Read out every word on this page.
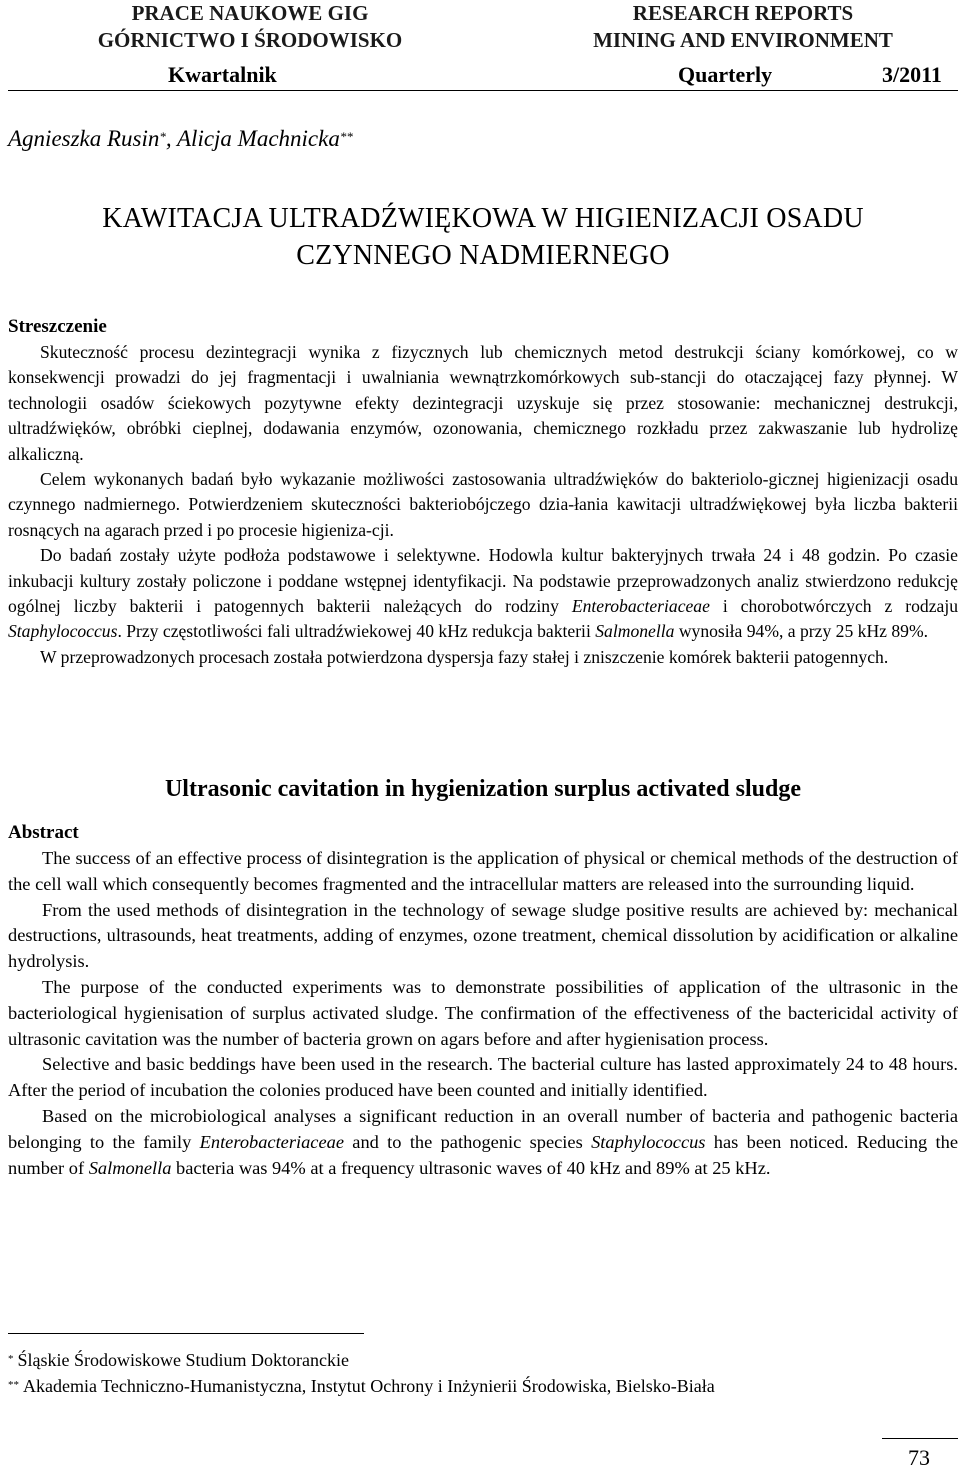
PRACE NAUKOWE GIG
GÓRNICTWO I ŚRODOWISKO
RESEARCH REPORTS
MINING AND ENVIRONMENT
Kwartalnik	Quarterly	3/2011
Agnieszka Rusin*, Alicja Machnicka**
KAWITACJA ULTRADŹWIĘKOWA W HIGIENIZACJI OSADU
CZYNNEGO NADMIERNEGO
Streszczenie

Skuteczność procesu dezintegracji wynika z fizycznych lub chemicznych metod destrukcji ściany komórkowej, co w konsekwencji prowadzi do jej fragmentacji i uwalniania wewnątrzkomórkowych sub-stancji do otaczającej fazy płynnej. W technologii osadów ściekowych pozytywne efekty dezintegracji uzyskuje się przez stosowanie: mechanicznej destrukcji, ultradźwięków, obróbki cieplnej, dodawania enzymów, ozonowania, chemicznego rozkładu przez zakwaszanie lub hydrolizę alkaliczną.

Celem wykonanych badań było wykazanie możliwości zastosowania ultradźwięków do bakteriolo-gicznej higienizacji osadu czynnego nadmiernego. Potwierdzeniem skuteczności bakteriobójczego dzia-łania kawitacji ultradźwiękowej była liczba bakterii rosnących na agarach przed i po procesie higieniza-cji.

Do badań zostały użyte podłoża podstawowe i selektywne. Hodowla kultur bakteryjnych trwała 24 i 48 godzin. Po czasie inkubacji kultury zostały policzone i poddane wstępnej identyfikacji. Na podstawie przeprowadzonych analiz stwierdzono redukcję ogólnej liczby bakterii i patogennych bakterii należących do rodziny Enterobacteriaceae i chorobotwórczych z rodzaju Staphylococcus. Przy częstotliwości fali ultradźwiekowej 40 kHz redukcja bakterii Salmonella wynosiła 94%, a przy 25 kHz 89%.

W przeprowadzonych procesach została potwierdzona dyspersja fazy stałej i zniszczenie komórek bakterii patogennych.

Ultrasonic cavitation in hygienization surplus activated sludge
Abstract

The success of an effective process of disintegration is the application of physical or chemical methods of the destruction of the cell wall which consequently becomes fragmented and the intracellular matters are released into the surrounding liquid.

From the used methods of disintegration in the technology of sewage sludge positive results are achieved by: mechanical destructions, ultrasounds, heat treatments, adding of enzymes, ozone treatment, chemical dissolution by acidification or alkaline hydrolysis.

The purpose of the conducted experiments was to demonstrate possibilities of application of the ultrasonic in the bacteriological hygienisation of surplus activated sludge. The confirmation of the effectiveness of the bactericidal activity of ultrasonic cavitation was the number of bacteria grown on agars before and after hygienisation process.

Selective and basic beddings have been used in the research. The bacterial culture has lasted approximately 24 to 48 hours. After the period of incubation the colonies produced have been counted and initially identified.

Based on the microbiological analyses a significant reduction in an overall number of bacteria and pathogenic bacteria belonging to the family Enterobacteriaceae and to the pathogenic species Staphylococcus has been noticed. Reducing the number of Salmonella bacteria was 94% at a frequency ultrasonic waves of 40 kHz and 89% at 25 kHz.

* Śląskie Środowiskowe Studium Doktoranckie
** Akademia Techniczno-Humanistyczna, Instytut Ochrony i Inżynierii Środowiska, Bielsko-Biała
73
